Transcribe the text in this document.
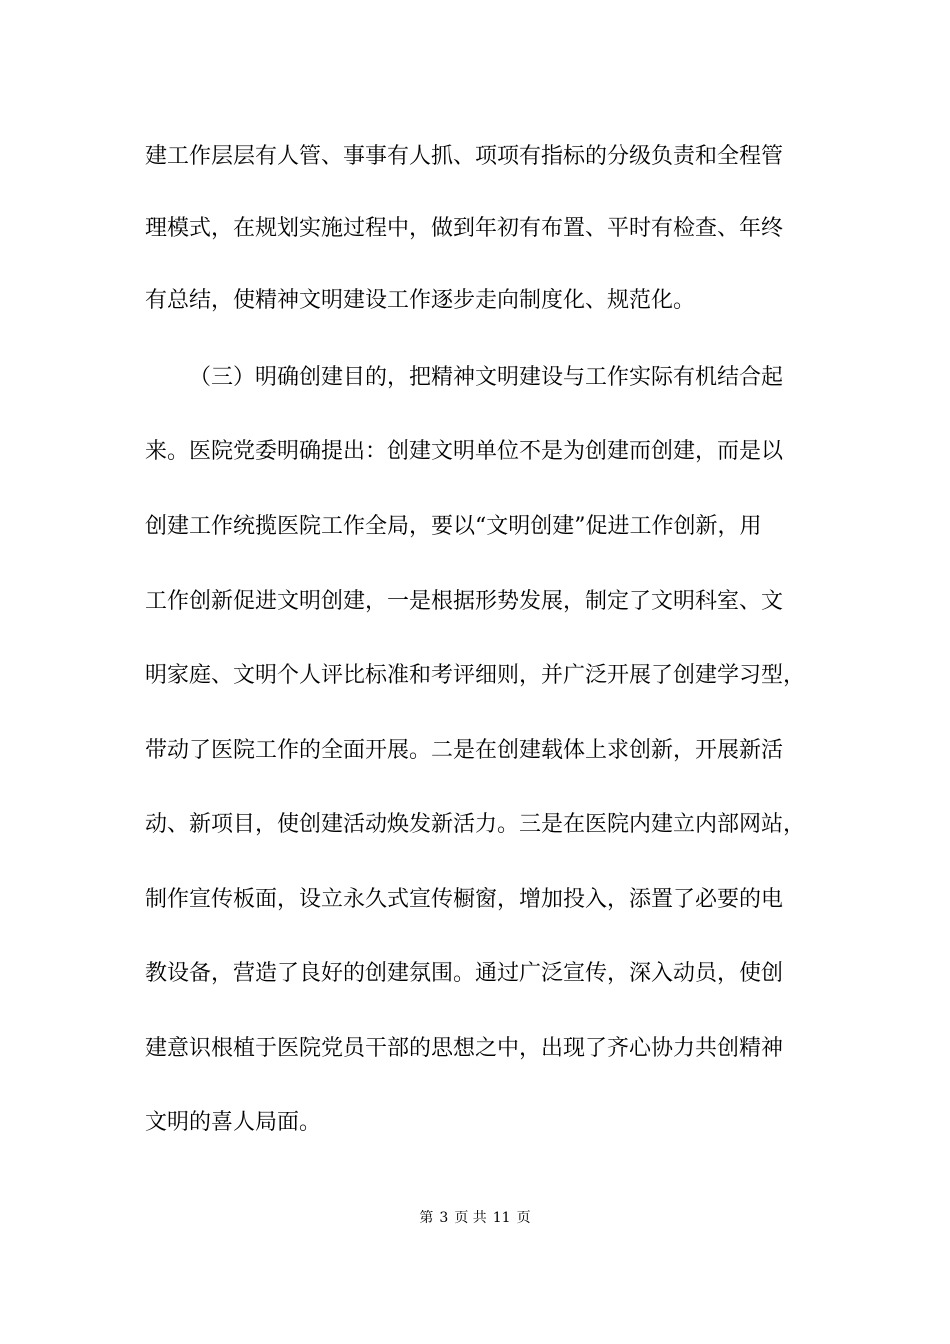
建工作层层有人管、事事有人抓、项项有指标的分级负责和全程管
理模式，在规划实施过程中，做到年初有布置、平时有检查、年终
有总结，使精神文明建设工作逐步走向制度化、规范化。
（三）明确创建目的，把精神文明建设与工作实际有机结合起
来。医院党委明确提出：创建文明单位不是为创建而创建，而是以
创建工作统揽医院工作全局，要以“文明创建”促进工作创新，用
工作创新促进文明创建，一是根据形势发展，制定了文明科室、文
明家庭、文明个人评比标准和考评细则，并广泛开展了创建学习型，
带动了医院工作的全面开展。二是在创建载体上求创新，开展新活
动、新项目，使创建活动焕发新活力。三是在医院内建立内部网站，
制作宣传板面，设立永久式宣传橱窗，增加投入，添置了必要的电
教设备，营造了良好的创建氛围。通过广泛宣传，深入动员，使创
建意识根植于医院党员干部的思想之中，出现了齐心协力共创精神
文明的喜人局面。
第 3 页 共 11 页
